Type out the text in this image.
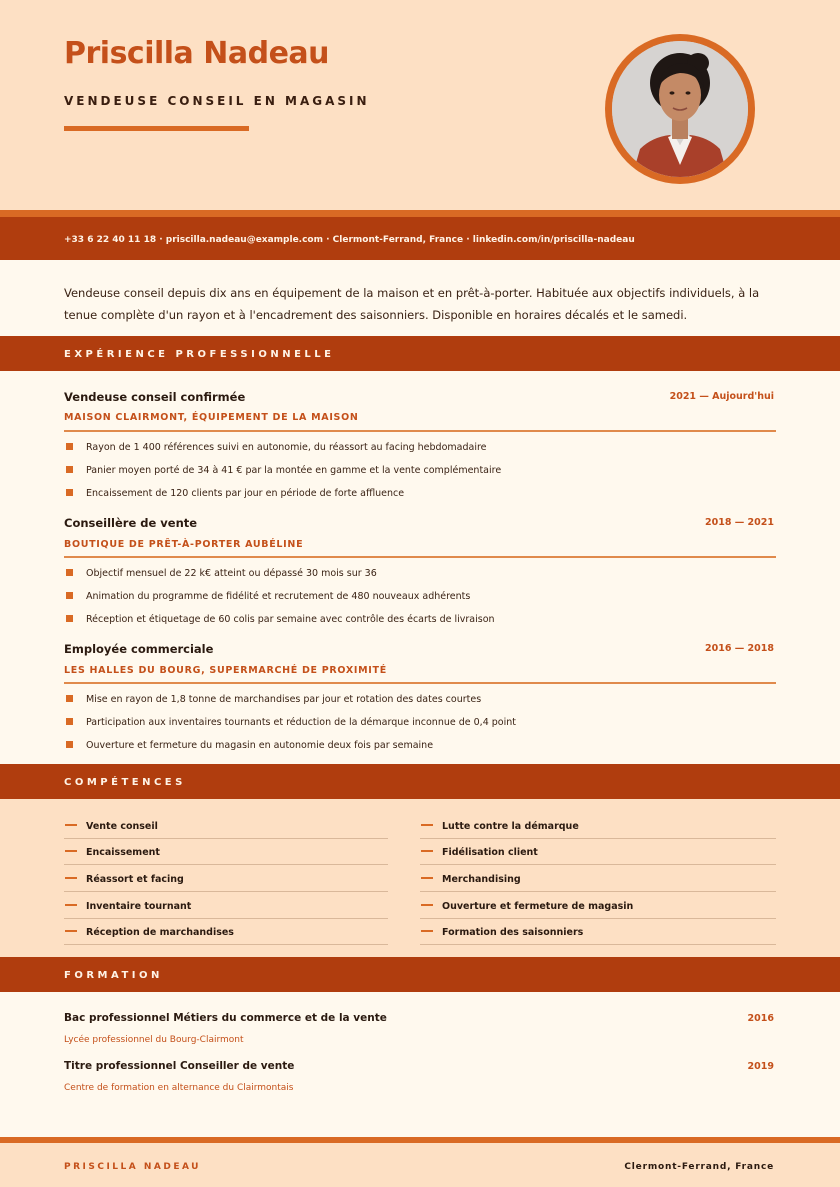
Priscilla Nadeau
VENDEUSE CONSEIL EN MAGASIN
+33 6 22 40 11 18 · priscilla.nadeau@example.com · Clermont-Ferrand, France · linkedin.com/in/priscilla-nadeau
Vendeuse conseil depuis dix ans en équipement de la maison et en prêt-à-porter. Habituée aux objectifs individuels, à la tenue complète d'un rayon et à l'encadrement des saisonniers. Disponible en horaires décalés et le samedi.
EXPÉRIENCE PROFESSIONNELLE
Vendeuse conseil confirmée	2021 — Aujourd'hui
MAISON CLAIRMONT, ÉQUIPEMENT DE LA MAISON
Rayon de 1 400 références suivi en autonomie, du réassort au facing hebdomadaire
Panier moyen porté de 34 à 41 € par la montée en gamme et la vente complémentaire
Encaissement de 120 clients par jour en période de forte affluence
Conseillère de vente	2018 — 2021
BOUTIQUE DE PRÊT-À-PORTER AUBÉLINE
Objectif mensuel de 22 k€ atteint ou dépassé 30 mois sur 36
Animation du programme de fidélité et recrutement de 480 nouveaux adhérents
Réception et étiquetage de 60 colis par semaine avec contrôle des écarts de livraison
Employée commerciale	2016 — 2018
LES HALLES DU BOURG, SUPERMARCHÉ DE PROXIMITÉ
Mise en rayon de 1,8 tonne de marchandises par jour et rotation des dates courtes
Participation aux inventaires tournants et réduction de la démarque inconnue de 0,4 point
Ouverture et fermeture du magasin en autonomie deux fois par semaine
COMPÉTENCES
Vente conseil
Encaissement
Réassort et facing
Inventaire tournant
Réception de marchandises
Lutte contre la démarque
Fidélisation client
Merchandising
Ouverture et fermeture de magasin
Formation des saisonniers
FORMATION
Bac professionnel Métiers du commerce et de la vente	2016
Lycée professionnel du Bourg-Clairmont
Titre professionnel Conseiller de vente	2019
Centre de formation en alternance du Clairmontais
PRISCILLA NADEAU	Clermont-Ferrand, France
